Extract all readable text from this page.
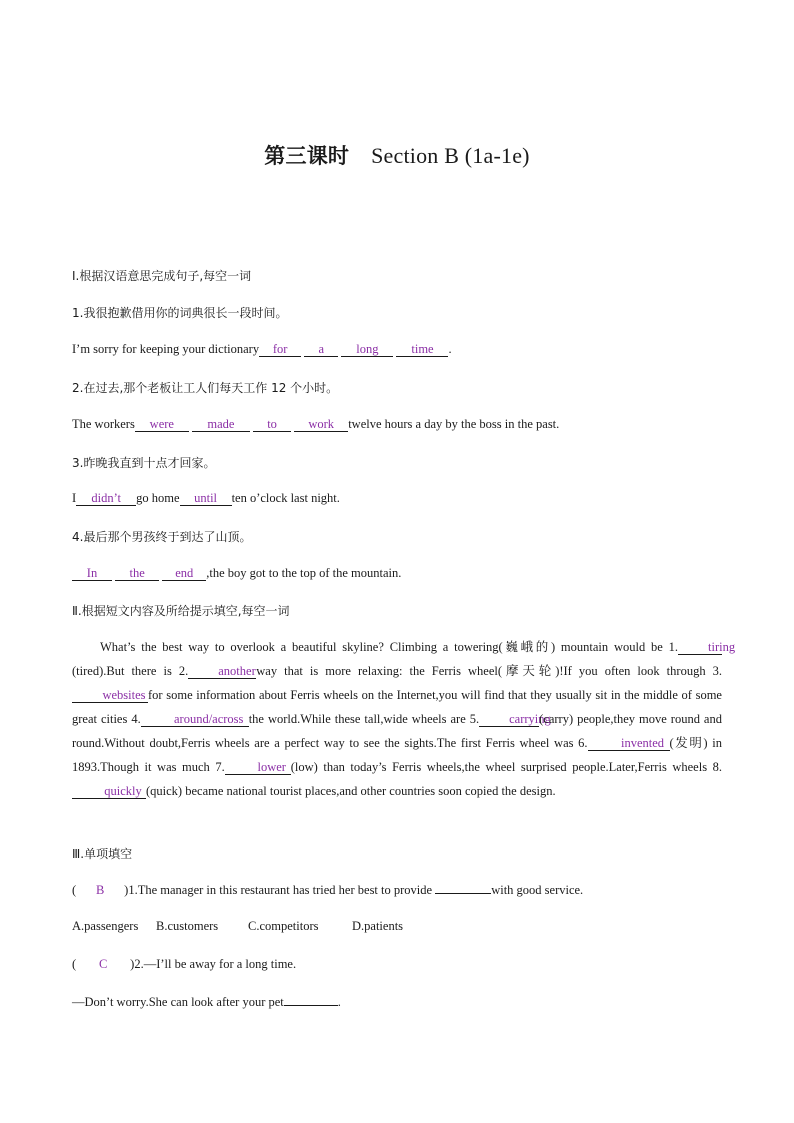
第三课时 Section B (1a-1e)
Ⅰ.根据汉语意思完成句子,每空一词
1.我很抱歉借用你的词典很长一段时间。
I’m sorry for keeping your dictionary for a	long	time .
2.在过去,那个老板让工人们每天工作 12 个小时。
The workers were	made	to	work twelve hours a day by the boss in the past.
3.昨晚我直到十点才回家。
I didn’t go home until ten o’clock last night.
4.最后那个男孩终于到达了山顶。
In	the end ,the boy got to the top of the mountain.
Ⅱ.根据短文内容及所给提示填空,每空一词
What’s the best way to overlook a beautiful skyline? Climbing a towering(巍峨的) mountain would be 1. tiring(tired).But there is 2. anotherway that is more relaxing: the Ferris wheel(摩天轮)!If you often look through 3.websites for some information about Ferris wheels on the Internet,you will find that they usually sit in the middle of some great cities 4.	around/across the world.While these tall,wide wheels are 5. carrying(carry) people,they move round and round.Without doubt,Ferris wheels are a perfect way to see the sights.The first Ferris wheel was 6.	invented (发明) in 1893.Though it was much 7.	lower (low) than today’s Ferris wheels,the wheel surprised people.Later,Ferris wheels 8.quickly (quick) became national tourist places,and other countries soon copied the design.
Ⅲ.单项填空
( B )1.The manager in this restaurant has tried her best to provide	with good service.
A.passengers B.customers C.competitors	D.patients
( C )2.—I’ll be away for a long time.
—Don’t worry.She can look after your pet	.
